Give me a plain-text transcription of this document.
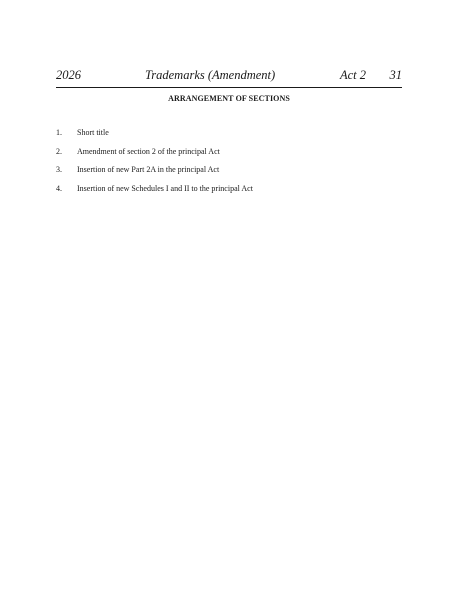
2026	Trademarks (Amendment)	Act 2 31
ARRANGEMENT OF SECTIONS
1. Short title
2. Amendment of section 2 of the principal Act
3. Insertion of new Part 2A in the principal Act
4. Insertion of new Schedules I and II to the principal Act
